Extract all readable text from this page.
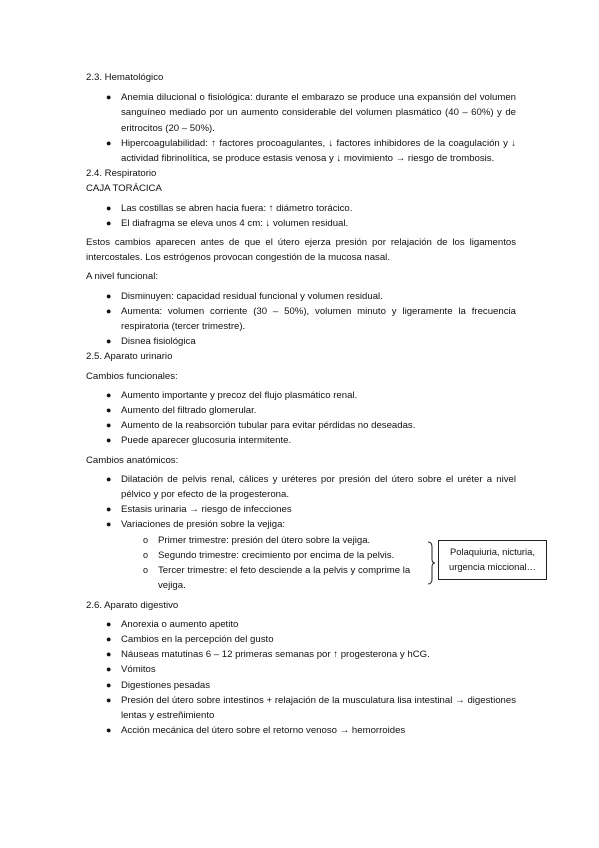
2.3. Hematológico

● Anemia dilucional o fisiológica: durante el embarazo se produce una expansión del volumen sanguíneo mediado por un aumento considerable del volumen plasmático (40 – 60%) y de eritrocitos (20 – 50%).
● Hipercoagulabilidad: ↑ factores procoagulantes, ↓ factores inhibidores de la coagulación y ↓ actividad fibrinolítica, se produce estasis venosa y ↓ movimiento → riesgo de trombosis.

2.4. Respiratorio

CAJA TORÁCICA

● Las costillas se abren hacia fuera: ↑ diámetro torácico.
● El diafragma se eleva unos 4 cm: ↓ volumen residual.

Estos cambios aparecen antes de que el útero ejerza presión por relajación de los ligamentos intercostales. Los estrógenos provocan congestión de la mucosa nasal.

A nivel funcional:

● Disminuyen: capacidad residual funcional y volumen residual.
● Aumenta: volumen corriente (30 – 50%), volumen minuto y ligeramente la frecuencia respiratoria (tercer trimestre).
● Disnea fisiológica

2.5. Aparato urinario

Cambios funcionales:

● Aumento importante y precoz del flujo plasmático renal.
● Aumento del filtrado glomerular.
● Aumento de la reabsorción tubular para evitar pérdidas no deseadas.
● Puede aparecer glucosuria intermitente.

Cambios anatómicos:

● Dilatación de pelvis renal, cálices y uréteres por presión del útero sobre el uréter a nivel pélvico y por efecto de la progesterona.
● Estasis urinaria → riesgo de infecciones
● Variaciones de presión sobre la vejiga:
o Primer trimestre: presión del útero sobre la vejiga.
o Segundo trimestre: crecimiento por encima de la pelvis.
o Tercer trimestre: el feto desciende a la pelvis y comprime la vejiga.
Polaquiuria, nicturia, urgencia miccional…

2.6. Aparato digestivo

● Anorexia o aumento apetito
● Cambios en la percepción del gusto
● Náuseas matutinas 6 – 12 primeras semanas por ↑ progesterona y hCG.
● Vómitos
● Digestiones pesadas
● Presión del útero sobre intestinos + relajación de la musculatura lisa intestinal → digestiones lentas y estreñimiento
● Acción mecánica del útero sobre el retorno venoso → hemorroides
